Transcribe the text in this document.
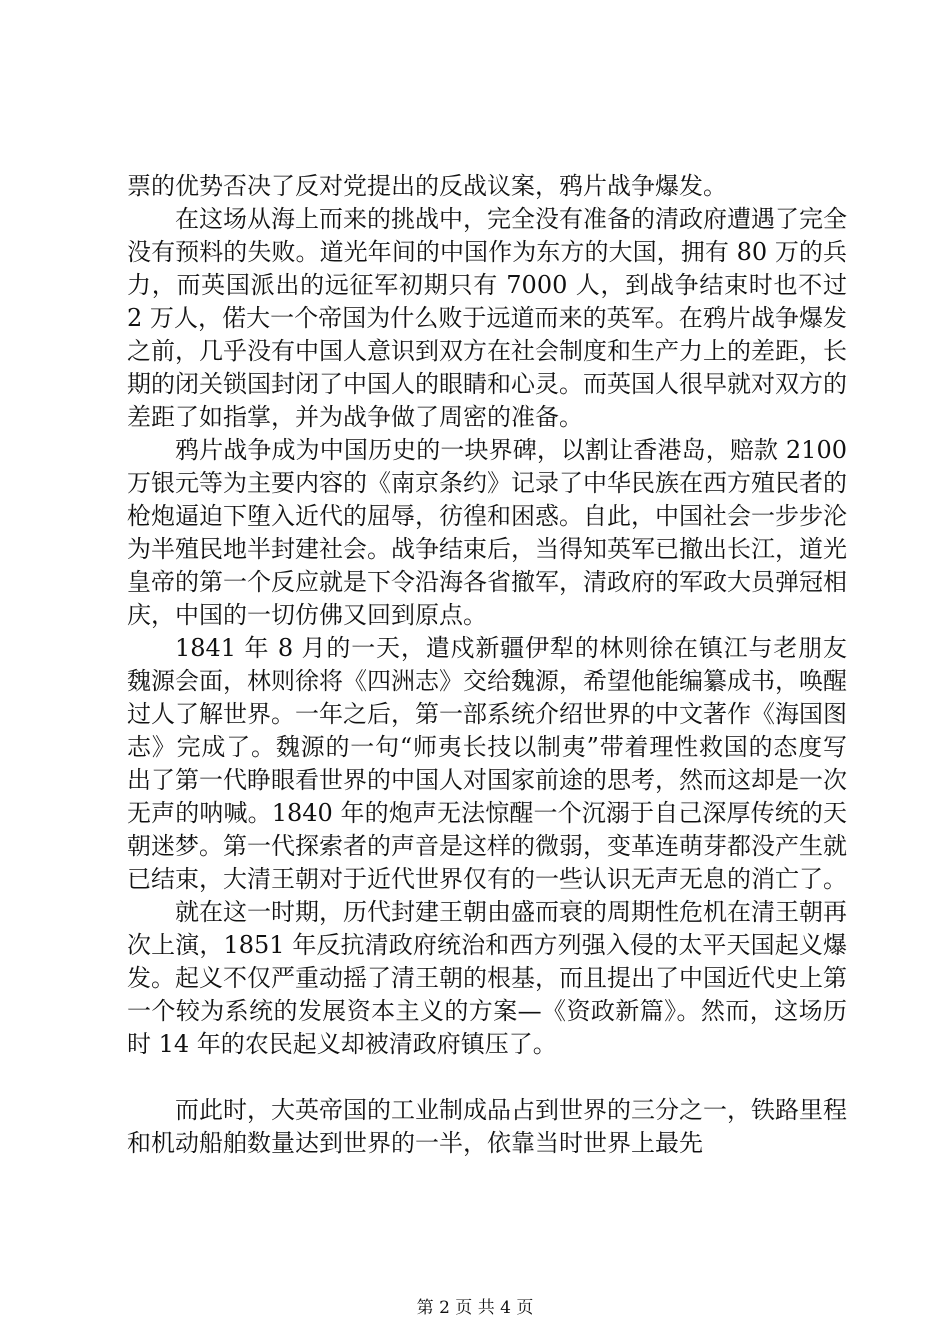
票的优势否决了反对党提出的反战议案，鸦片战争爆发。

在这场从海上而来的挑战中，完全没有准备的清政府遭遇了完全没有预料的失败。道光年间的中国作为东方的大国，拥有 80 万的兵力，而英国派出的远征军初期只有 7000 人，到战争结束时也不过 2 万人，偌大一个帝国为什么败于远道而来的英军。在鸦片战争爆发之前，几乎没有中国人意识到双方在社会制度和生产力上的差距，长期的闭关锁国封闭了中国人的眼睛和心灵。而英国人很早就对双方的差距了如指掌，并为战争做了周密的准备。

鸦片战争成为中国历史的一块界碑，以割让香港岛，赔款 2100 万银元等为主要内容的《南京条约》记录了中华民族在西方殖民者的枪炮逼迫下堕入近代的屈辱，彷徨和困惑。自此，中国社会一步步沦为半殖民地半封建社会。战争结束后，当得知英军已撤出长江，道光皇帝的第一个反应就是下令沿海各省撤军，清政府的军政大员弹冠相庆，中国的一切仿佛又回到原点。

1841 年 8 月的一天，遣戍新疆伊犁的林则徐在镇江与老朋友魏源会面，林则徐将《四洲志》交给魏源，希望他能编纂成书，唤醒过人了解世界。一年之后，第一部系统介绍世界的中文著作《海国图志》完成了。魏源的一句“师夷长技以制夷”带着理性救国的态度写出了第一代睁眼看世界的中国人对国家前途的思考，然而这却是一次无声的呐喊。1840 年的炮声无法惊醒一个沉溺于自己深厚传统的天朝迷梦。第一代探索者的声音是这样的微弱，变革连萌芽都没产生就已结束，大清王朝对于近代世界仅有的一些认识无声无息的消亡了。

就在这一时期，历代封建王朝由盛而衰的周期性危机在清王朝再次上演，1851 年反抗清政府统治和西方列强入侵的太平天国起义爆发。起义不仅严重动摇了清王朝的根基，而且提出了中国近代史上第一个较为系统的发展资本主义的方案—《资政新篇》。然而，这场历时 14 年的农民起义却被清政府镇压了。

而此时，大英帝国的工业制成品占到世界的三分之一，铁路里程和机动船舶数量达到世界的一半，依靠当时世界上最先

第 2 页 共 4 页
